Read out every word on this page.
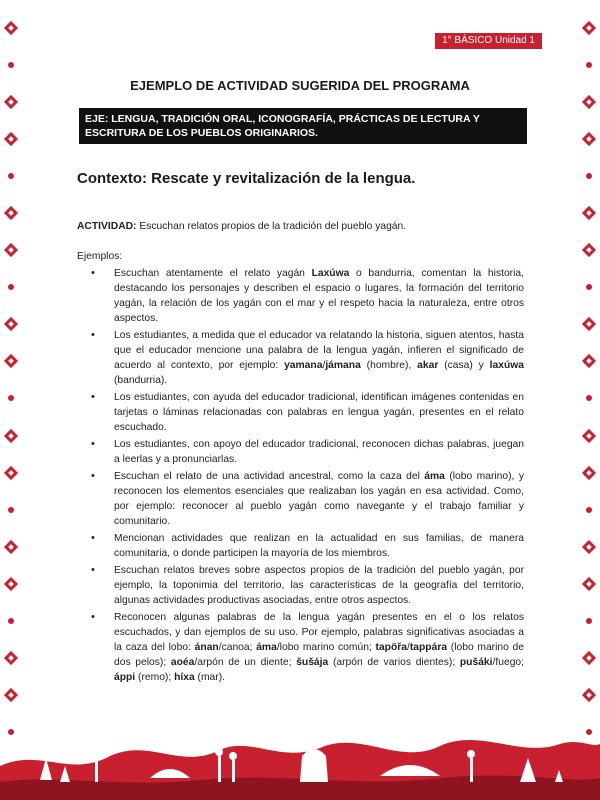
1° BÁSICO Unidad 1
EJEMPLO DE ACTIVIDAD SUGERIDA DEL PROGRAMA
EJE: LENGUA, TRADICIÓN ORAL, ICONOGRAFÍA, PRÁCTICAS DE LECTURA Y ESCRITURA DE LOS PUEBLOS ORIGINARIOS.
Contexto: Rescate y revitalización de la lengua.

ACTIVIDAD: Escuchan relatos propios de la tradición del pueblo yagán.

Ejemplos:

• Escuchan atentamente el relato yagán Laxúwa o bandurria, comentan la historia, destacando los personajes y describen el espacio o lugares, la formación del territorio yagán, la relación de los yagán con el mar y el respeto hacia la naturaleza, entre otros aspectos.
• Los estudiantes, a medida que el educador va relatando la historia, siguen atentos, hasta que el educador mencione una palabra de la lengua yagán, infieren el significado de acuerdo al contexto, por ejemplo: yamana/jámana (hombre), akar (casa) y laxúwa (bandurria).
• Los estudiantes, con ayuda del educador tradicional, identifican imágenes contenidas en tarjetas o láminas relacionadas con palabras en lengua yagán, presentes en el relato escuchado.
• Los estudiantes, con apoyo del educador tradicional, reconocen dichas palabras, juegan a leerlas y a pronunciarlas.
• Escuchan el relato de una actividad ancestral, como la caza del áma (lobo marino), y reconocen los elementos esenciales que realizaban los yagán en esa actividad. Como, por ejemplo: reconocer al pueblo yagán como navegante y el trabajo familiar y comunitario.
• Mencionan actividades que realizan en la actualidad en sus familias, de manera comunitaria, o donde participen la mayoría de los miembros.
• Escuchan relatos breves sobre aspectos propios de la tradición del pueblo yagán, por ejemplo, la toponimia del territorio, las características de la geografía del territorio, algunas actividades productivas asociadas, entre otros aspectos.
• Reconocen algunas palabras de la lengua yagán presentes en el o los relatos escuchados, y dan ejemplos de su uso. Por ejemplo, palabras significativas asociadas a la caza del lobo: ánan/canoa; áma/lobo marino común; tapöřa/tappára (lobo marino de dos pelos); aoéa/arpón de un diente; šušája (arpón de varios dientes); pušáki/fuego; áppi (remo); híxa (mar).
